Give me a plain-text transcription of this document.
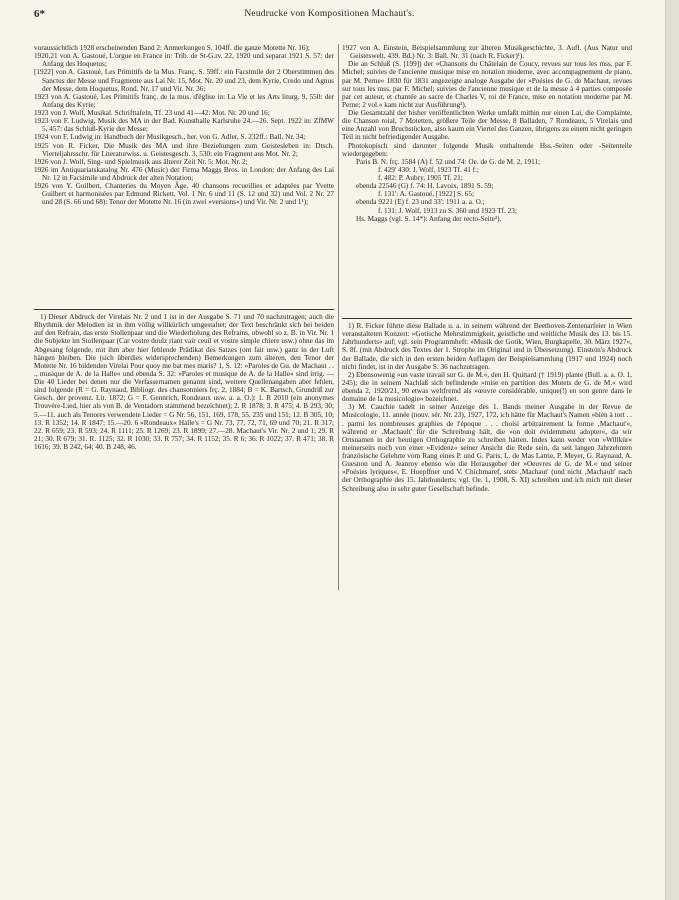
6*	Neudrucke von Kompositionen Machaut's.

voraussichtlich 1928 erscheinenden Band 2: Anmerkungen S. 104ff. die ganze Motette Nr. 16);

1920,21 von A. Gastoué, L'orgue en France in: Trib. de St-G.rv. 22, 1920 und separat 1921 S. 57: der Anfang des Hoquetus;

[1922] von A. Gastoué, Les Primitifs de la Mus. Franç. S. 59ff.: ein Facsimile der 2 Oberstimmen des Sanctus der Messe und Fragmente aus Lai Nr. 15, Mot. Nr. 20 und 23, dem Kyrie, Credo und Agnus der Messe, dem Hoquetus, Rond. Nr. 17 und Vir. Nr. 36;

1923 von A. Gastoué, Les Primitifs franç. de la mus. d'église in: La Vie et les Arts liturg. 9, 550: der Anfang des Kyrie;

1923 von J. Wolf, Musikal. Schrifttafeln, Tf. 23 und 41—42: Mot. Nr. 20 und 16;

1923 von F. Ludwig, Musik des MA in der Bad. Kunsthalle Karlsruhe 24.—26. Sept. 1922 in: ZfMW 5, 457: das Schluß-Kyrie der Messe;

1924 von F. Ludwig in: Handbuch der Musikgesch., her. von G. Adler, S. 232ff.: Ball. Nr. 34;

1925 von R. Ficker, Die Musik des MA und ihre Beziehungen zum Geistesleben in: Dtsch. Vierteljahrsschr. für Literaturwiss. u. Geistesgesch. 3, 530: ein Fragment aus Mot. Nr. 2;

1926 von J. Wolf, Sing- und Spielmusik aus älterer Zeit Nr. 5: Mot. Nr. 2;

1926 im Antiquariatskatalog Nr. 476 (Music) der Firma Maggs Bros. in London: der Anfang des Lai Nr. 12 in Facsimile und Abdruck der alten Notation;

1926 von Y. Guilbert, Chanteries du Moyen Âge, 40 chansons recueillies et adaptées par Yvette Guilbert et harmonisées par Edmond Rickett, Vol. 1 Nr. 6 und 11 (S. 12 und 32) und Vol. 2 Nr. 27 und 28 (S. 66 und 68): Tenor der Motette Nr. 16 (in zwei »versions«) und Vir. Nr. 2 und 1¹);

1) Dieser Abdruck der Virelais Nr. 2 und 1 ist in der Ausgabe S. 71 und 70 nachzutragen; auch die Rhythmik der Melodien ist in ihm völlig willkürlich umgestaltet; der Text beschränkt sich bei beiden auf den Refrain, das erste Stollenpaar und die Wiederholung des Refrains, obwohl so z. B. in Vir. Nr. 1 die Subjekte im Stollenpaar (Car vostre doulz riant vair ceuil et vostre simple chiere usw.) ohne das im Abgesang folgende, mit ihm aber hier fehlende Prädikat des Satzes (ont fait usw.) ganz in der Luft hängen bleiben. Die (sich überdies widersprechenden) Bemerkungen zum älteren, den Tenor der Motette Nr. 16 bildenden Virelai Pour quoy me bat mes maris? 1, S. 12: »Paroles de Gu. de Machaut . . ., musique de A. de la Halle« und ebenda S. 32: »Paroles et musique de A. de la Halle« sind irrig. — Die 40 Lieder bei denen nur die Verfassernamen genannt sind, weitere Quellenangaben aber fehlen, sind folgende (R = G. Raynaud, Bibliogr. des chansonniers frç. 2, 1884; B = K. Bartsch, Grundriß zur Gesch. der provenz. Lit. 1872; G = F. Gennrich, Rondeaux usw. a. a. O.): 1. R 2010 (ein anonymes Trouvère-Lied, hier als von B. de Ventadorn stammend bezeichnet); 2. R 1878; 3. R 475; 4. B 293, 30; 5.—11. auch als Tenores verwendete Lieder = G Nr. 56, 151, 169, 178, 55, 235 und 151; 12. B 305, 10; 13. R 1352; 14. R 1847; 15.—20. 6 »Rondeaux« Halle's = G Nr. 73, 77, 72, 71, 69 und 70; 21. R 317; 22. R 659; 23. R 593; 24. R 1111; 25. R 1269; 23. R 1899; 27.—28. Machaut's Vir. Nr. 2 und 1; 29. R 21; 30. R 679; 31. R. 1125; 32. R 1030; 33. R 757; 34. R 1152; 35. R 6; 36. R 1022; 37. R 471; 38. R 1616; 39. B 242, 64; 40. B 248, 46.

1927 von A. Einstein, Beispielsammlung zur älteren Musikgeschichte, 3. Aufl. (Aus Natur und Geisteswelt, 439. Bd.) Nr. 3: Ball. Nr. 31 (nach R. Ficker)¹).

Die an Schluß (S. [199]) der »Chansons du Châtelain de Coucy, revues sur tous les mss. par F. Michel; suivies de l'ancienne musique mise en notation moderne, avec accompagnement de piano, par M. Perne« 1830 für 1831 angezeigte analoge Ausgabe der »Poésies de G. de Machaut, revues sur tous les mss. par F. Michel; suivies de l'ancienne musique et de la messe à 4 parties composée par cet auteur, et chantée au sacre de Charles V, roi de France, mise en notation moderne par M. Perne; 2 vol.« kam nicht zur Ausführung²).

Die Gesamtzahl der bisher veröffentlichten Werke umfaßt mithin nur einen Lai, die Complainte, die Chanson roial, 7 Motetten, größere Teile der Messe, 8 Balladen, 7 Rondeaux, 5 Virelais und eine Anzahl von Bruchstücken, also kaum ein Viertel des Ganzen, übrigens zu einem nicht geringen Teil in nicht befriedigender Ausgabe.

Photokopisch sind darunter folgende Musik enthaltende Hss.-Seiten oder -Seitenteile wiedergegeben:

Paris B. N. frç. 1584 (A) f. 52 und 74: Oe. de G. de M. 2, 1911;

f. 429' 430: J. Wolf, 1923 Tf. 41 f.;

f. 482: P. Aubry, 1905 Tf. 21;

ebenda 22546 (G) f. 74: H. Lavoix, 1891 S. 59;

f. 131': A. Gastoué, [1922] S. 65;

ebenda 9221 (E) f. 23 und 33': 1911 a. a. O.;

f. 131: J. Wolf, 1913 zu S. 360 und 1923 Tf. 23;

Hs. Maggs (vgl. S. 14*): Anfang der recto-Seite³).

1) R. Ficker führte diese Ballade u. a. in seinem während der Beethoven-Zentenarfeier in Wien veranstalteten Konzert: »Gotische Mehrstimmigkeit, geistliche und weltliche Musik des 13. bis 15. Jahrhunderts« auf; vgl. sein Programmheft: »Musik der Gotik, Wien, Burgkapelle, 30. März 1927«, S. 8f. (mit Abdruck des Textes der 1. Strophe im Original und in Übersetzung). Einstein's Abdruck der Ballade, die sich in den ersten beiden Auflagen der Beispielsammlung (1917 und 1924) noch nicht findet, ist in der Ausgabe S. 36 nachzutragen.

2) Ebensowenig »un vaste travail sur G. de M.«, den H. Quittard († 1919) plante (Bull. a. a. O. 1, 245); die in seinem Nachlaß sich befindende »mise en partition des Motets de G. de M.« wird ebenda 2, 1920/21, 90 etwas weltfremd als »œuvre considérable, unique(!) en son genre dans le domaine de la musicologie« bezeichnet.

3) M. Cauchie tadelt in seiner Anzeige des 1. Bands meiner Ausgabe in der Revue de Musicologie, 11. année (nouv. sér. Nr. 23), 1927, 172, ich hätte für Machaut's Namen »bien à tort . . . parmi les nombreuses graphies de l'époque . . . choisi arbitrairement la forme ‚Machaut'«, während er ‚Machault' für die Schreibung hält, die »on doit évidemment adopter«, da wir Ortsnamen in der heutigen Orthographie zu schreiben hätten. Indes kann weder von »Willkür« meinerseits noch von einer »Evidenz« seiner Ansicht die Rede sein, da seit langen Jahrzehnten französische Gelehrte vom Rang eines P. und G. Paris, L. de Mas Latrie, P. Meyer, G. Raynaud, A. Guesnon und A. Jeanroy ebenso wie die Herausgeber der »Oeuvres de G. de M.« und seiner »Poésies lyriques«, E. Hoepffner und V. Chichmaref, stets ‚Machaut' (und nicht ‚Machault' nach der Orthographie des 15. Jahrhunderts; vgl. Oe. 1, 1908, S. XI) schreiben und ich mich mit dieser Schreibung also in sehr guter Gesellschaft befinde.
